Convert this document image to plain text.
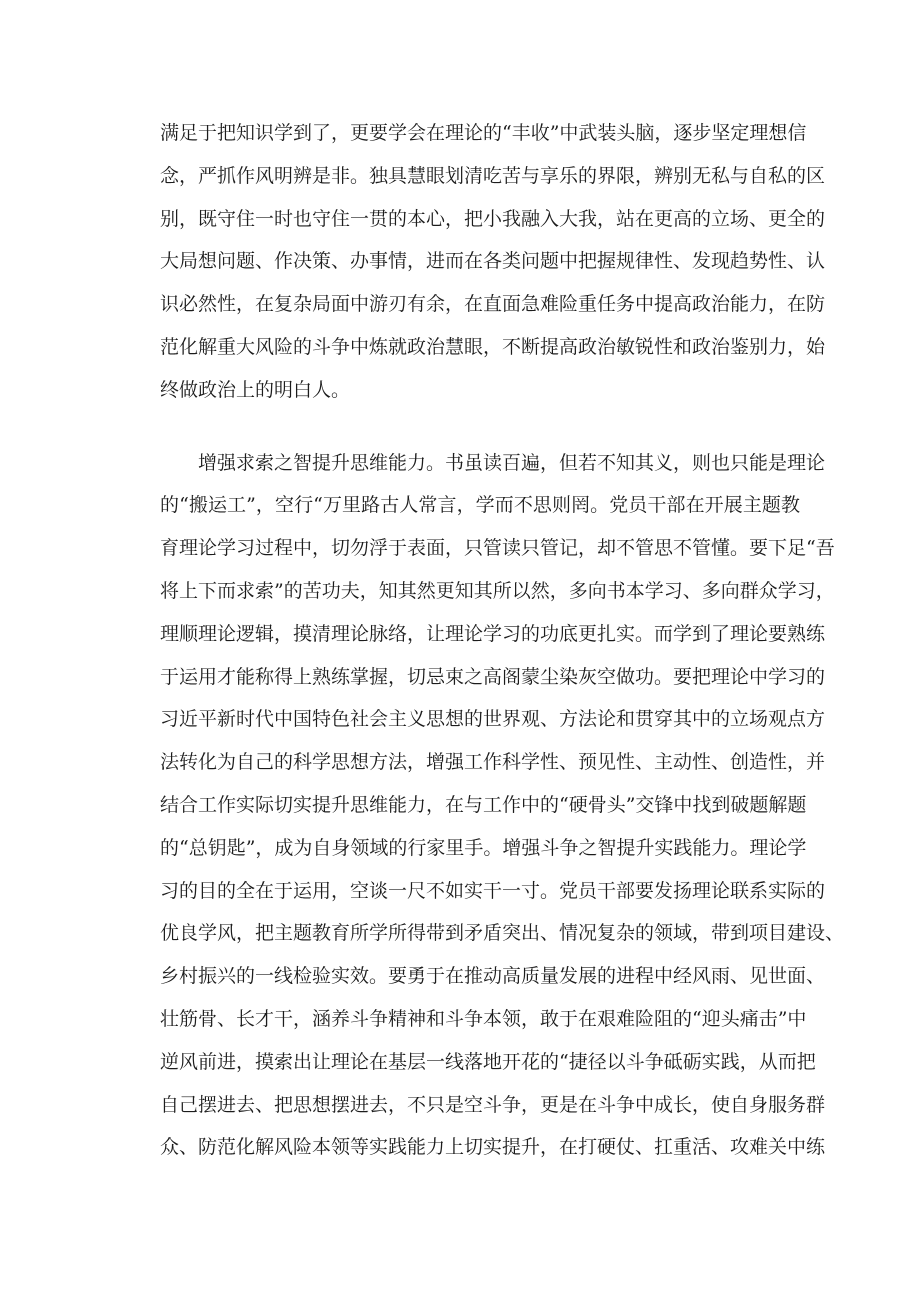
满足于把知识学到了，更要学会在理论的“丰收”中武装头脑，逐步坚定理想信
念，严抓作风明辨是非。独具慧眼划清吃苦与享乐的界限，辨别无私与自私的区
别，既守住一时也守住一贯的本心，把小我融入大我，站在更高的立场、更全的
大局想问题、作决策、办事情，进而在各类问题中把握规律性、发现趋势性、认
识必然性，在复杂局面中游刃有余，在直面急难险重任务中提高政治能力，在防
范化解重大风险的斗争中炼就政治慧眼，不断提高政治敏锐性和政治鉴别力，始
终做政治上的明白人。
增强求索之智提升思维能力。书虽读百遍，但若不知其义，则也只能是理论
的“搬运工”，空行“万里路古人常言，学而不思则罔。党员干部在开展主题教
育理论学习过程中，切勿浮于表面，只管读只管记，却不管思不管懂。要下足“吾
将上下而求索”的苦功夫，知其然更知其所以然，多向书本学习、多向群众学习，
理顺理论逻辑，摸清理论脉络，让理论学习的功底更扎实。而学到了理论要熟练
于运用才能称得上熟练掌握，切忌束之高阁蒙尘染灰空做功。要把理论中学习的
习近平新时代中国特色社会主义思想的世界观、方法论和贯穿其中的立场观点方
法转化为自己的科学思想方法，增强工作科学性、预见性、主动性、创造性，并
结合工作实际切实提升思维能力，在与工作中的“硬骨头”交锋中找到破题解题
的“总钥匙”，成为自身领域的行家里手。增强斗争之智提升实践能力。理论学
习的目的全在于运用，空谈一尺不如实干一寸。党员干部要发扬理论联系实际的
优良学风，把主题教育所学所得带到矛盾突出、情况复杂的领域，带到项目建设、
乡村振兴的一线检验实效。要勇于在推动高质量发展的进程中经风雨、见世面、
壮筋骨、长才干，涵养斗争精神和斗争本领，敢于在艰难险阻的“迎头痛击”中
逆风前进，摸索出让理论在基层一线落地开花的“捷径以斗争砥砺实践，从而把
自己摆进去、把思想摆进去，不只是空斗争，更是在斗争中成长，使自身服务群
众、防范化解风险本领等实践能力上切实提升，在打硬仗、扛重活、攻难关中练
